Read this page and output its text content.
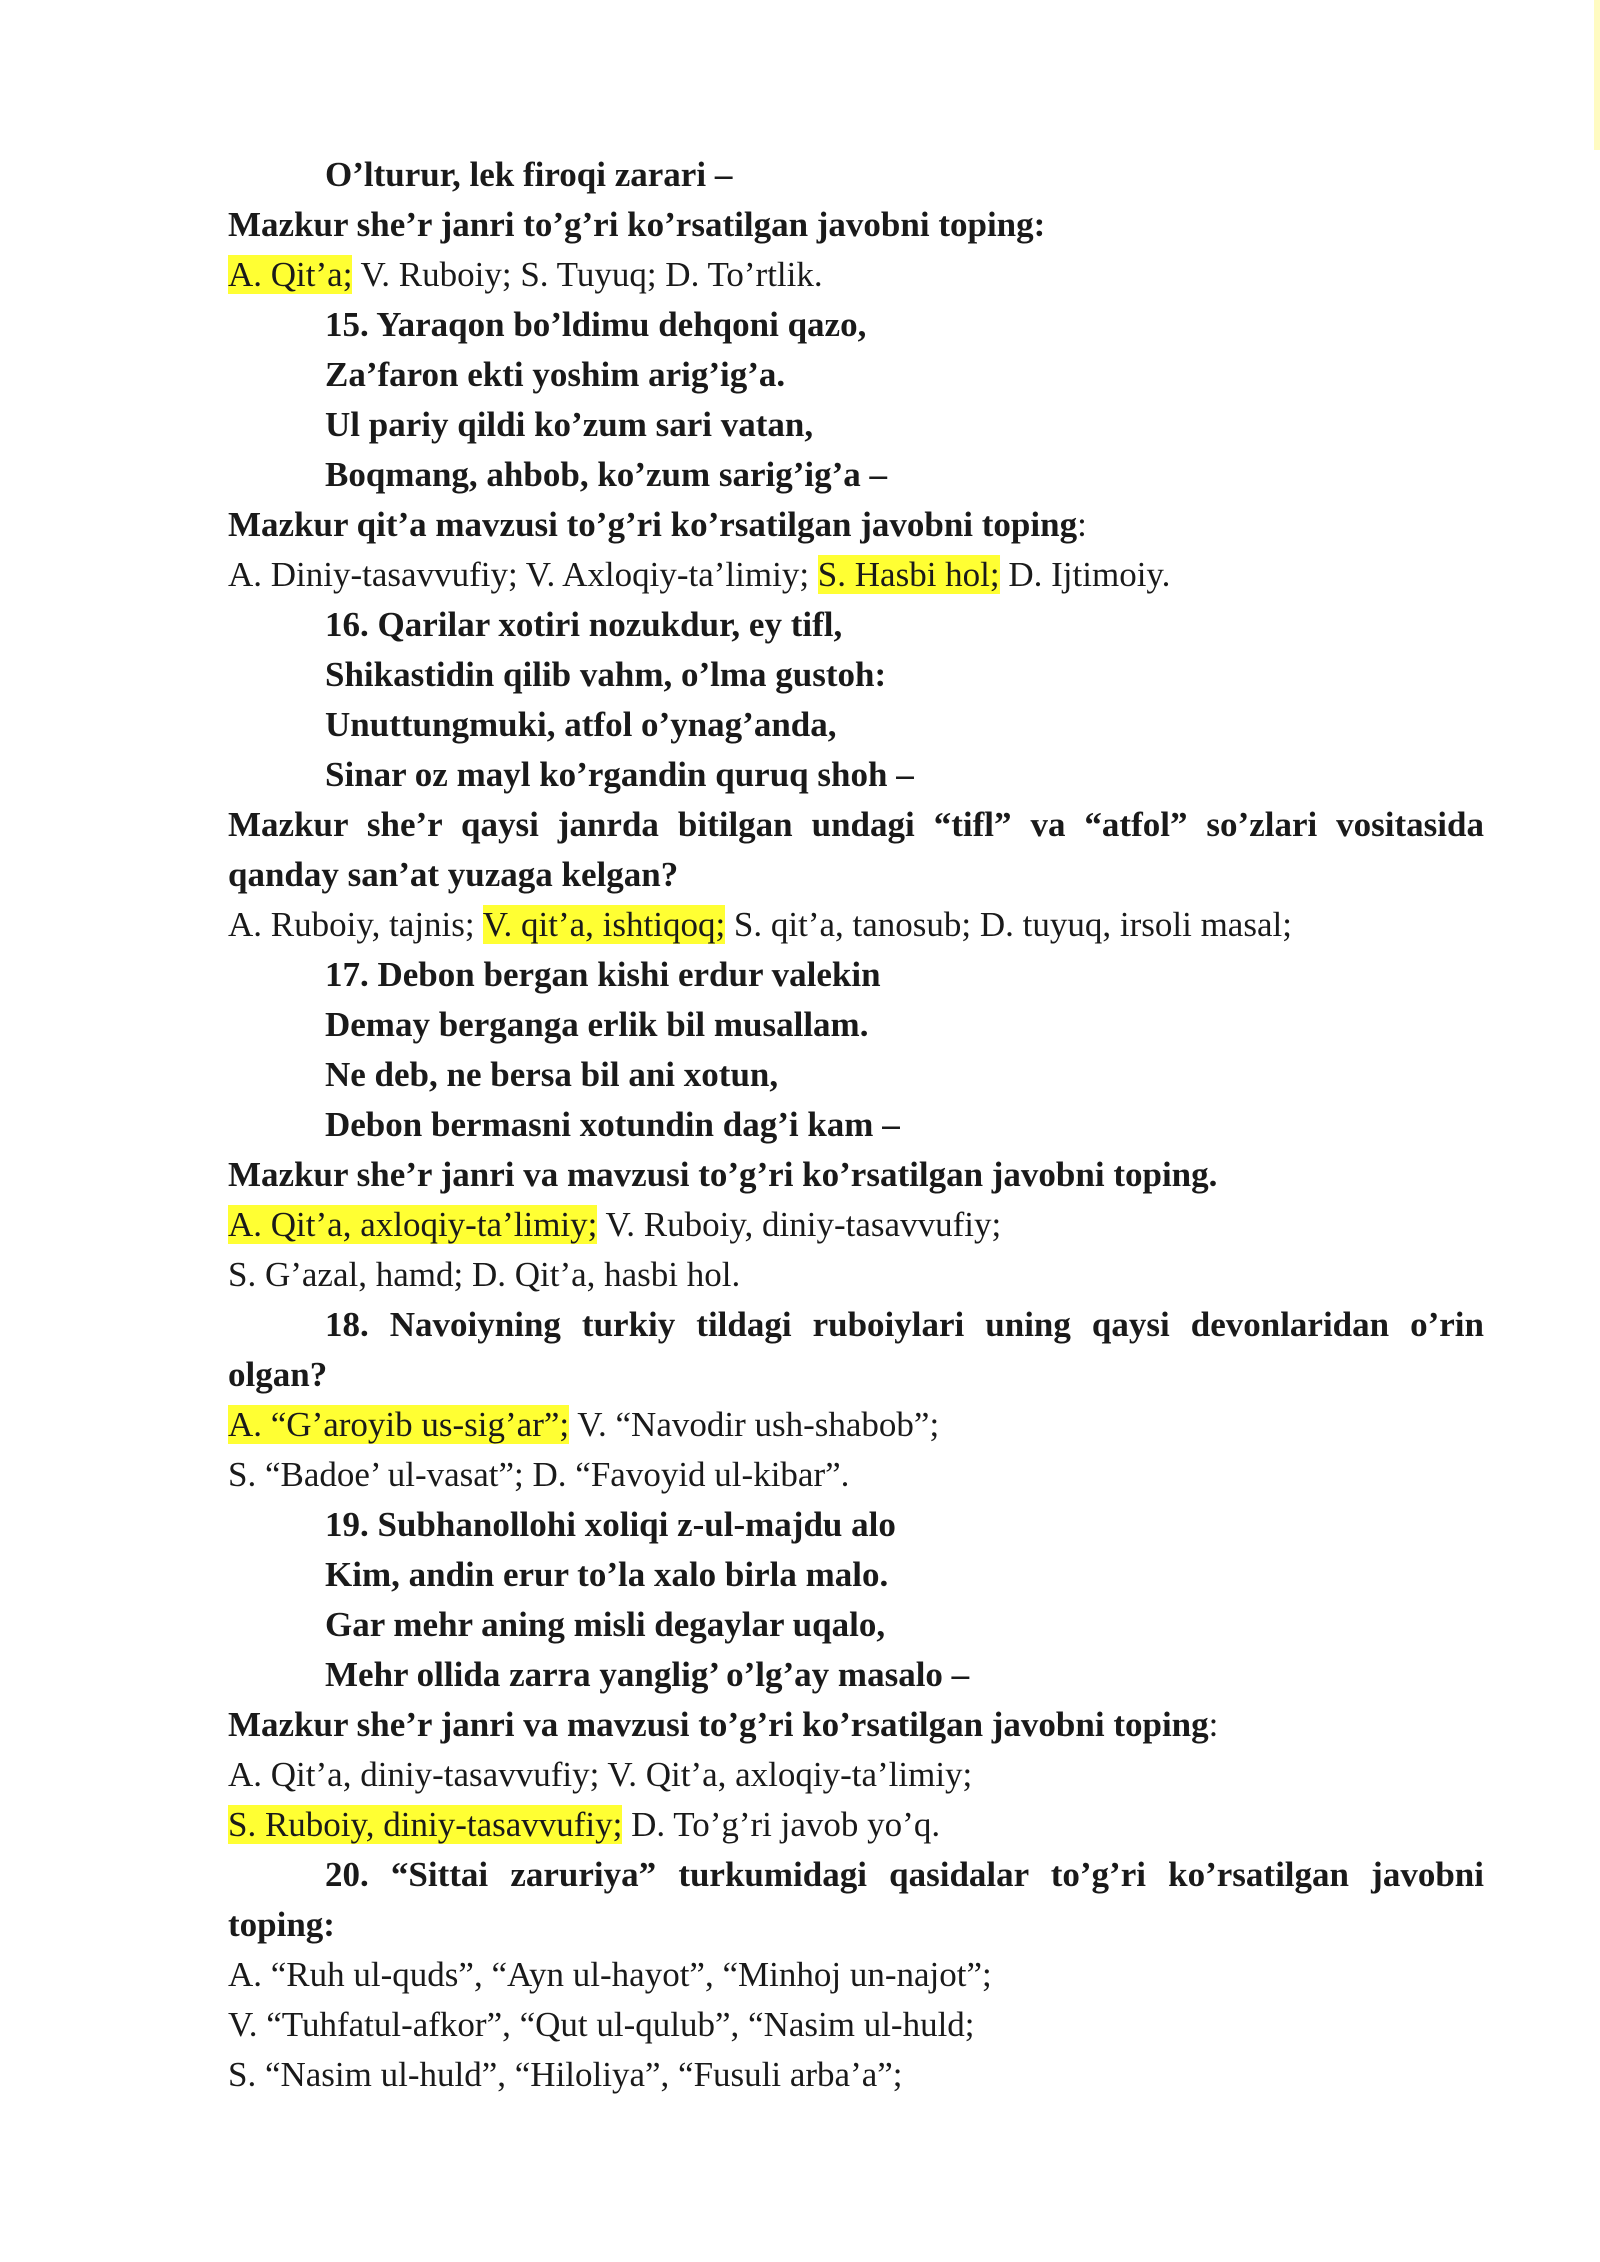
O’lturur, lek firoqi zarari –
Mazkur she’r janri to’g’ri ko’rsatilgan javobni toping:
A. Qit’a; V. Ruboiy; S. Tuyuq; D. To’rtlik.
15. Yaraqon bo’ldimu dehqoni qazo,
Za’faron ekti yoshim arig’ig’a.
Ul pariy qildi ko’zum sari vatan,
Boqmang, ahbob, ko’zum sarig’ig’a –
Mazkur qit’a mavzusi to’g’ri ko’rsatilgan javobni toping:
A. Diniy-tasavvufiy; V. Axloqiy-ta’limiy; S. Hasbi hol; D. Ijtimoiy.
16. Qarilar xotiri nozukdur, ey tifl,
Shikastidin qilib vahm, o’lma gustoh:
Unuttungmuki, atfol o’ynag’anda,
Sinar oz mayl ko’rgandin quruq shoh –
Mazkur she’r qaysi janrda bitilgan undagi “tifl” va “atfol” so’zlari vositasida
qanday san’at yuzaga kelgan?
A. Ruboiy, tajnis; V. qit’a, ishtiqoq; S. qit’a, tanosub; D. tuyuq, irsoli masal;
17. Debon bergan kishi erdur valekin
Demay berganga erlik bil musallam.
Ne deb, ne bersa bil ani xotun,
Debon bermasni xotundin dag’i kam –
Mazkur she’r janri va mavzusi to’g’ri ko’rsatilgan javobni toping.
A. Qit’a, axloqiy-ta’limiy; V. Ruboiy, diniy-tasavvufiy;
S. G’azal, hamd; D. Qit’a, hasbi hol.
18. Navoiyning turkiy tildagi ruboiylari uning qaysi devonlaridan o’rin
olgan?
A. “G’aroyib us-sig’ar”; V. “Navodir ush-shabob”;
S. “Badoe’ ul-vasat”; D. “Favoyid ul-kibar”.
19. Subhanollohi xoliqi z-ul-majdu alo
Kim, andin erur to’la xalo birla malo.
Gar mehr aning misli degaylar uqalo,
Mehr ollida zarra yanglig’ o’lg’ay masalo –
Mazkur she’r janri va mavzusi to’g’ri ko’rsatilgan javobni toping:
A. Qit’a, diniy-tasavvufiy; V. Qit’a, axloqiy-ta’limiy;
S. Ruboiy, diniy-tasavvufiy; D. To’g’ri javob yo’q.
20. “Sittai zaruriya” turkumidagi qasidalar to’g’ri ko’rsatilgan javobni
toping:
A. “Ruh ul-quds”, “Ayn ul-hayot”, “Minhoj un-najot”;
V. “Tuhfatul-afkor”, “Qut ul-qulub”, “Nasim ul-huld;
S. “Nasim ul-huld”, “Hiloliya”, “Fusuli arba’a”;
